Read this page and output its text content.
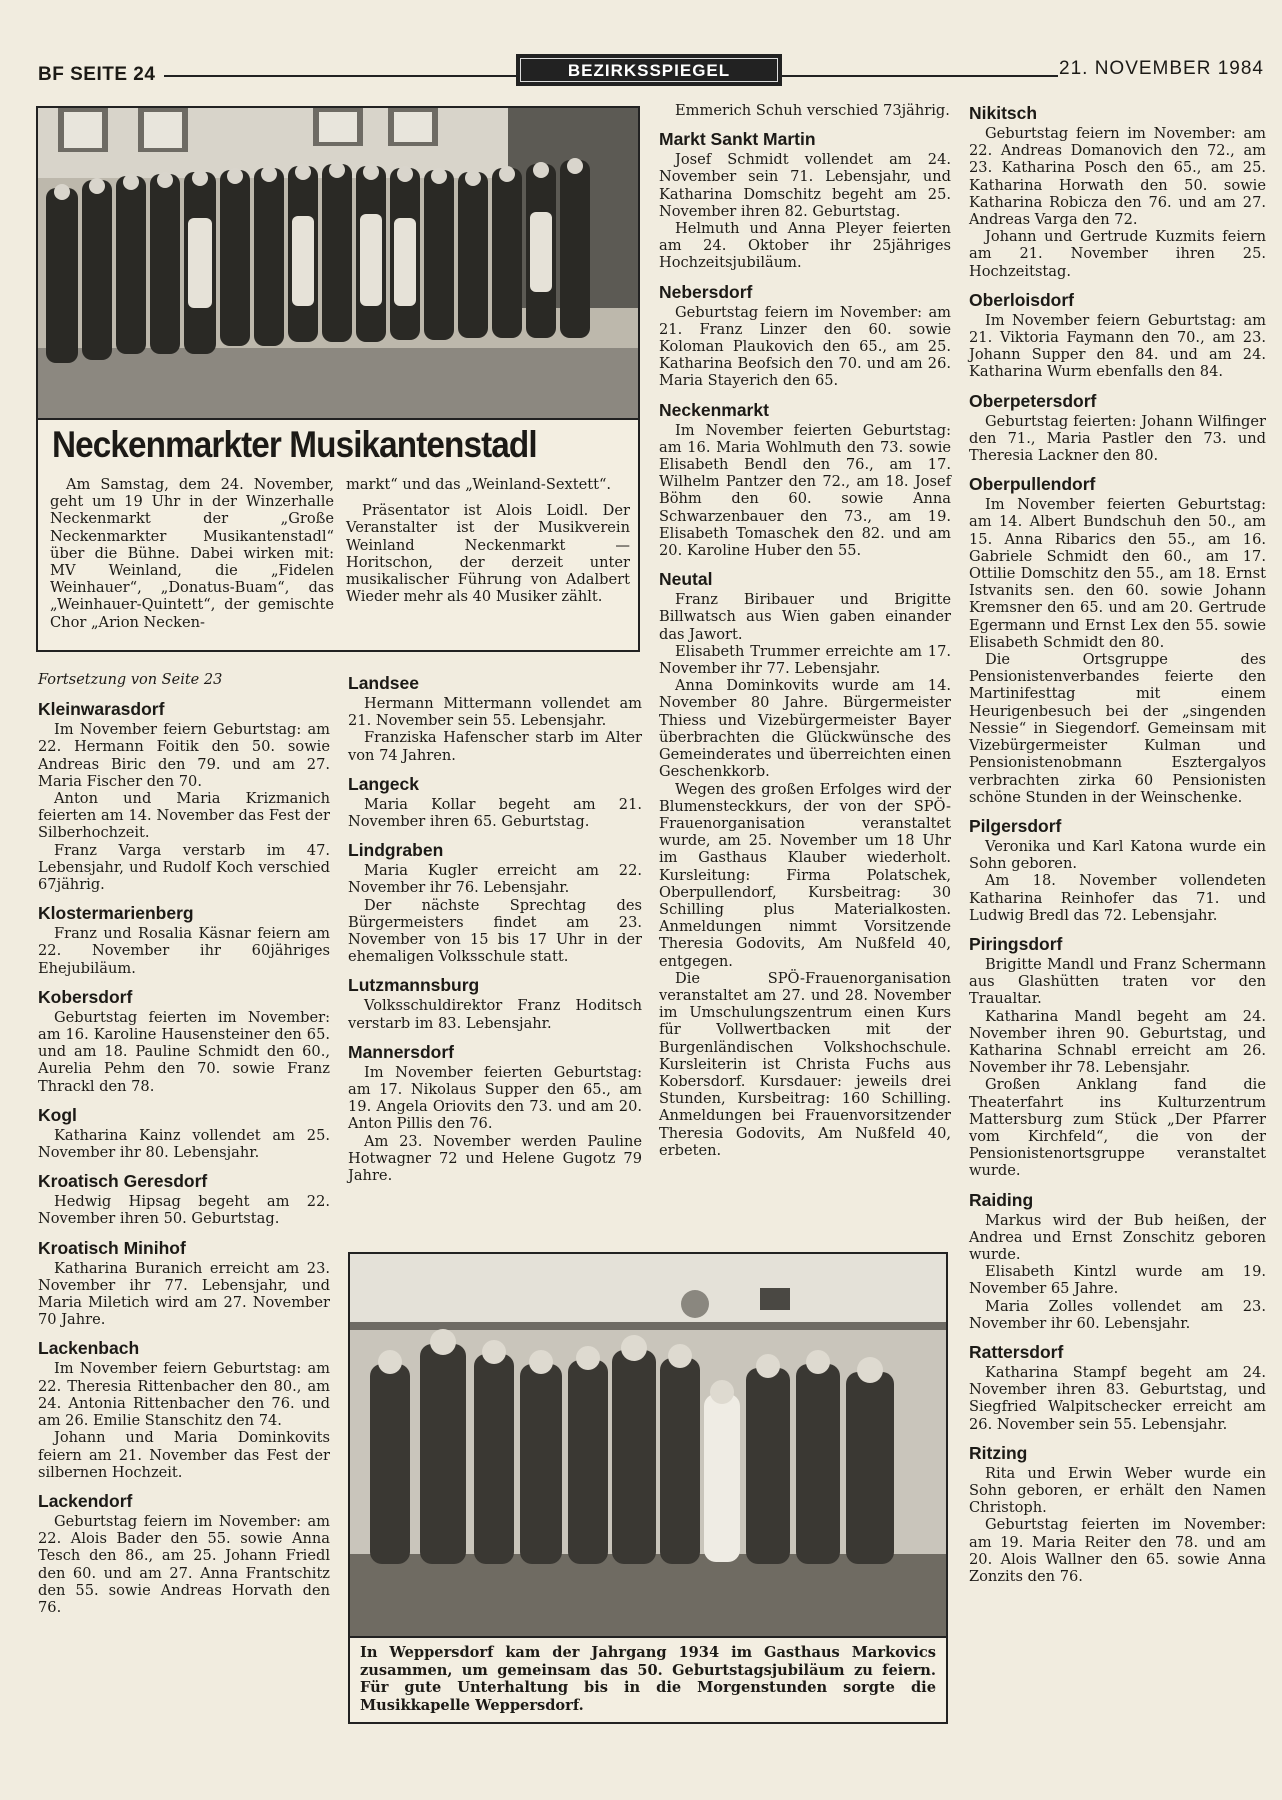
BF SEITE 24	BEZIRKSSPIEGEL	21. NOVEMBER 1984
Neckenmarkter Musikantenstadl

Am Samstag, dem 24. November, geht um 19 Uhr in der Winzerhalle Neckenmarkt der „Große Neckenmarkter Musikantenstadl“ über die Bühne. Dabei wirken mit: MV Weinland, die „Fidelen Weinhauer“, „Donatus-Buam“, das „Weinhauer-Quintett“, der gemischte Chor „Arion Necken-

markt“ und das „Weinland-Sextett“.

Präsentator ist Alois Loidl. Der Veranstalter ist der Musikverein Weinland Neckenmarkt — Horitschon, der derzeit unter musikalischer Führung von Adalbert Wieder mehr als 40 Musiker zählt.

Fortsetzung von Seite 23

Kleinwarasdorf

Im November feiern Geburtstag: am 22. Hermann Foitik den 50. sowie Andreas Biric den 79. und am 27. Maria Fischer den 70.

Anton und Maria Krizmanich feierten am 14. November das Fest der Silberhochzeit.

Franz Varga verstarb im 47. Lebensjahr, und Rudolf Koch verschied 67jährig.

Klostermarienberg

Franz und Rosalia Käsnar feiern am 22. November ihr 60jähriges Ehejubiläum.

Kobersdorf

Geburtstag feierten im November: am 16. Karoline Hausensteiner den 65. und am 18. Pauline Schmidt den 60., Aurelia Pehm den 70. sowie Franz Thrackl den 78.

Kogl

Katharina Kainz vollendet am 25. November ihr 80. Lebensjahr.

Kroatisch Geresdorf

Hedwig Hipsag begeht am 22. November ihren 50. Geburtstag.

Kroatisch Minihof

Katharina Buranich erreicht am 23. November ihr 77. Lebensjahr, und Maria Miletich wird am 27. November 70 Jahre.

Lackenbach

Im November feiern Geburtstag: am 22. Theresia Rittenbacher den 80., am 24. Antonia Rittenbacher den 76. und am 26. Emilie Stanschitz den 74.

Johann und Maria Dominkovits feiern am 21. November das Fest der silbernen Hochzeit.

Lackendorf

Geburtstag feiern im November: am 22. Alois Bader den 55. sowie Anna Tesch den 86., am 25. Johann Friedl den 60. und am 27. Anna Frantschitz den 55. sowie Andreas Horvath den 76.

Landsee

Hermann Mittermann vollendet am 21. November sein 55. Lebensjahr.

Franziska Hafenscher starb im Alter von 74 Jahren.

Langeck

Maria Kollar begeht am 21. November ihren 65. Geburtstag.

Lindgraben

Maria Kugler erreicht am 22. November ihr 76. Lebensjahr.

Der nächste Sprechtag des Bürgermeisters findet am 23. November von 15 bis 17 Uhr in der ehemaligen Volksschule statt.

Lutzmannsburg

Volksschuldirektor Franz Hoditsch verstarb im 83. Lebensjahr.

Mannersdorf

Im November feierten Geburtstag: am 17. Nikolaus Supper den 65., am 19. Angela Oriovits den 73. und am 20. Anton Pillis den 76.

Am 23. November werden Pauline Hotwagner 72 und Helene Gugotz 79 Jahre.

Emmerich Schuh verschied 73jährig.

Markt Sankt Martin

Josef Schmidt vollendet am 24. November sein 71. Lebensjahr, und Katharina Domschitz begeht am 25. November ihren 82. Geburtstag.

Helmuth und Anna Pleyer feierten am 24. Oktober ihr 25jähriges Hochzeitsjubiläum.

Nebersdorf

Geburtstag feiern im November: am 21. Franz Linzer den 60. sowie Koloman Plaukovich den 65., am 25. Katharina Beofsich den 70. und am 26. Maria Stayerich den 65.

Neckenmarkt

Im November feierten Geburtstag: am 16. Maria Wohlmuth den 73. sowie Elisabeth Bendl den 76., am 17. Wilhelm Pantzer den 72., am 18. Josef Böhm den 60. sowie Anna Schwarzenbauer den 73., am 19. Elisabeth Tomaschek den 82. und am 20. Karoline Huber den 55.

Neutal

Franz Biribauer und Brigitte Billwatsch aus Wien gaben einander das Jawort.

Elisabeth Trummer erreichte am 17. November ihr 77. Lebensjahr.

Anna Dominkovits wurde am 14. November 80 Jahre. Bürgermeister Thiess und Vizebürgermeister Bayer überbrachten die Glückwünsche des Gemeinderates und überreichten einen Geschenkkorb.

Wegen des großen Erfolges wird der Blumensteckkurs, der von der SPÖ-Frauenorganisation veranstaltet wurde, am 25. November um 18 Uhr im Gasthaus Klauber wiederholt. Kursleitung: Firma Polatschek, Oberpullendorf, Kursbeitrag: 30 Schilling plus Materialkosten. Anmeldungen nimmt Vorsitzende Theresia Godovits, Am Nußfeld 40, entgegen.

Die SPÖ-Frauenorganisation veranstaltet am 27. und 28. November im Umschulungszentrum einen Kurs für Vollwertbacken mit der Burgenländischen Volkshochschule. Kursleiterin ist Christa Fuchs aus Kobersdorf. Kursdauer: jeweils drei Stunden, Kursbeitrag: 160 Schilling. Anmeldungen bei Frauenvorsitzender Theresia Godovits, Am Nußfeld 40, erbeten.

Nikitsch

Geburtstag feiern im November: am 22. Andreas Domanovich den 72., am 23. Katharina Posch den 65., am 25. Katharina Horwath den 50. sowie Katharina Robicza den 76. und am 27. Andreas Varga den 72.

Johann und Gertrude Kuzmits feiern am 21. November ihren 25. Hochzeitstag.

Oberloisdorf

Im November feiern Geburtstag: am 21. Viktoria Faymann den 70., am 23. Johann Supper den 84. und am 24. Katharina Wurm ebenfalls den 84.

Oberpetersdorf

Geburtstag feierten: Johann Wilfinger den 71., Maria Pastler den 73. und Theresia Lackner den 80.

Oberpullendorf

Im November feierten Geburtstag: am 14. Albert Bundschuh den 50., am 15. Anna Ribarics den 55., am 16. Gabriele Schmidt den 60., am 17. Ottilie Domschitz den 55., am 18. Ernst Istvanits sen. den 60. sowie Johann Kremsner den 65. und am 20. Gertrude Egermann und Ernst Lex den 55. sowie Elisabeth Schmidt den 80.

Die Ortsgruppe des Pensionistenverbandes feierte den Martinifesttag mit einem Heurigenbesuch bei der „singenden Nessie“ in Siegendorf. Gemeinsam mit Vizebürgermeister Kulman und Pensionistenobmann Esztergalyos verbrachten zirka 60 Pensionisten schöne Stunden in der Weinschenke.

Pilgersdorf

Veronika und Karl Katona wurde ein Sohn geboren.

Am 18. November vollendeten Katharina Reinhofer das 71. und Ludwig Bredl das 72. Lebensjahr.

Piringsdorf

Brigitte Mandl und Franz Schermann aus Glashütten traten vor den Traualtar.

Katharina Mandl begeht am 24. November ihren 90. Geburtstag, und Katharina Schnabl erreicht am 26. November ihr 78. Lebensjahr.

Großen Anklang fand die Theaterfahrt ins Kulturzentrum Mattersburg zum Stück „Der Pfarrer vom Kirchfeld“, die von der Pensionistenortsgruppe veranstaltet wurde.

Raiding

Markus wird der Bub heißen, der Andrea und Ernst Zonschitz geboren wurde.

Elisabeth Kintzl wurde am 19. November 65 Jahre.

Maria Zolles vollendet am 23. November ihr 60. Lebensjahr.

Rattersdorf

Katharina Stampf begeht am 24. November ihren 83. Geburtstag, und Siegfried Walpitschecker erreicht am 26. November sein 55. Lebensjahr.

Ritzing

Rita und Erwin Weber wurde ein Sohn geboren, er erhält den Namen Christoph.

Geburtstag feierten im November: am 19. Maria Reiter den 78. und am 20. Alois Wallner den 65. sowie Anna Zonzits den 76.

In Weppersdorf kam der Jahrgang 1934 im Gasthaus Markovics zusammen, um gemeinsam das 50. Geburtstagsjubiläum zu feiern. Für gute Unterhaltung bis in die Morgenstunden sorgte die Musikkapelle Weppersdorf.
